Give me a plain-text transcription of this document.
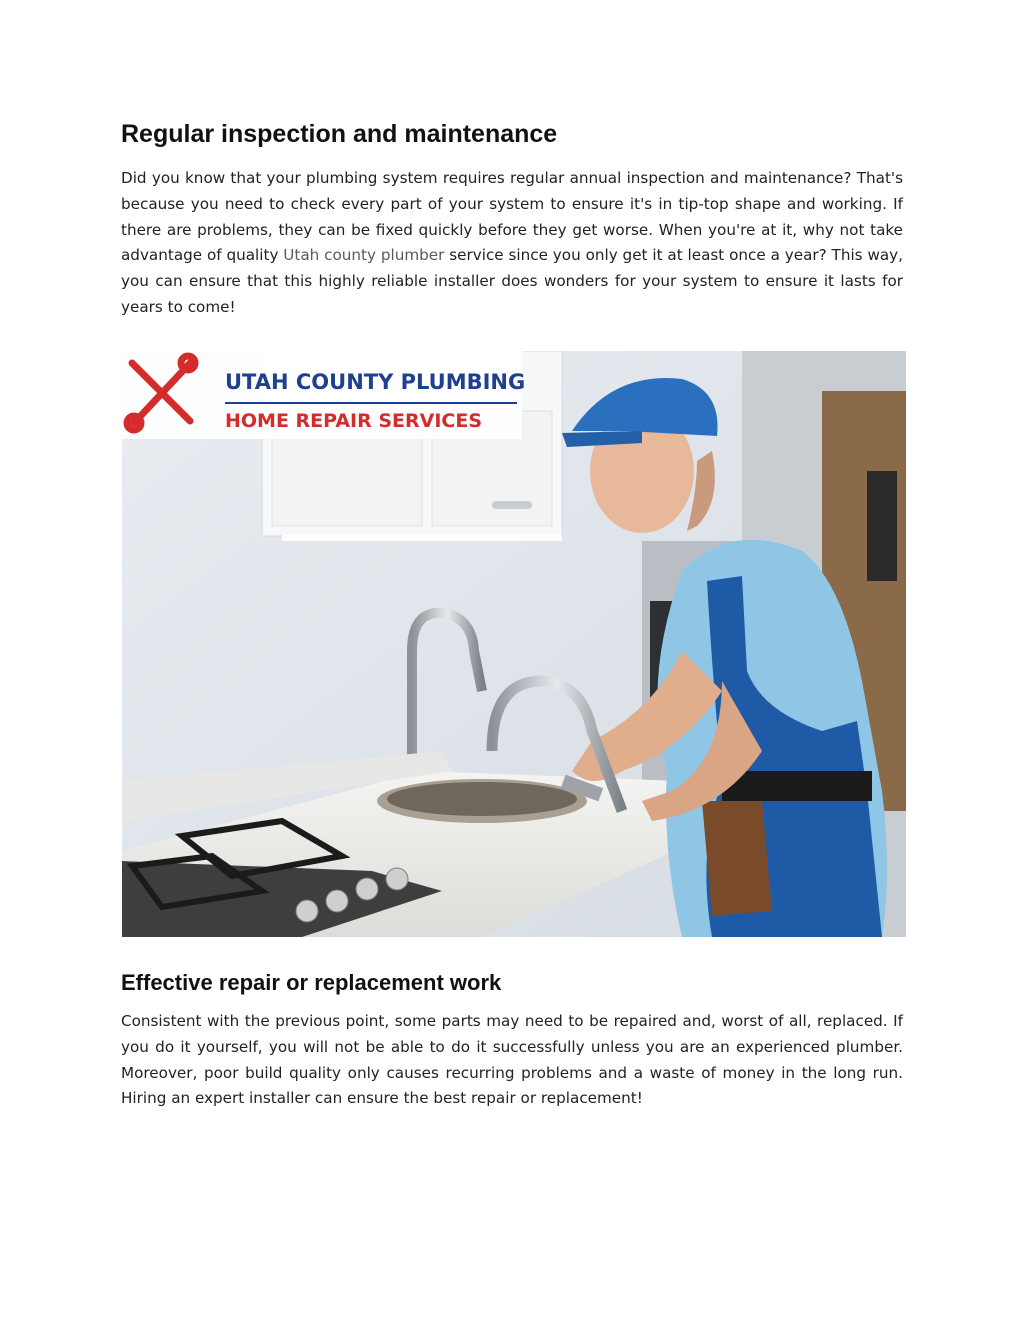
Regular inspection and maintenance

Did you know that your plumbing system requires regular annual inspection and maintenance? That's because you need to check every part of your system to ensure it's in tip-top shape and working. If there are problems, they can be fixed quickly before they get worse. When you're at it, why not take advantage of quality Utah county plumber service since you only get it at least once a year? This way, you can ensure that this highly reliable installer does wonders for your system to ensure it lasts for years to come!

UTAH COUNTY PLUMBING
HOME REPAIR SERVICES
Effective repair or replacement work

Consistent with the previous point, some parts may need to be repaired and, worst of all, replaced. If you do it yourself, you will not be able to do it successfully unless you are an experienced plumber. Moreover, poor build quality only causes recurring problems and a waste of money in the long run. Hiring an expert installer can ensure the best repair or replacement!
